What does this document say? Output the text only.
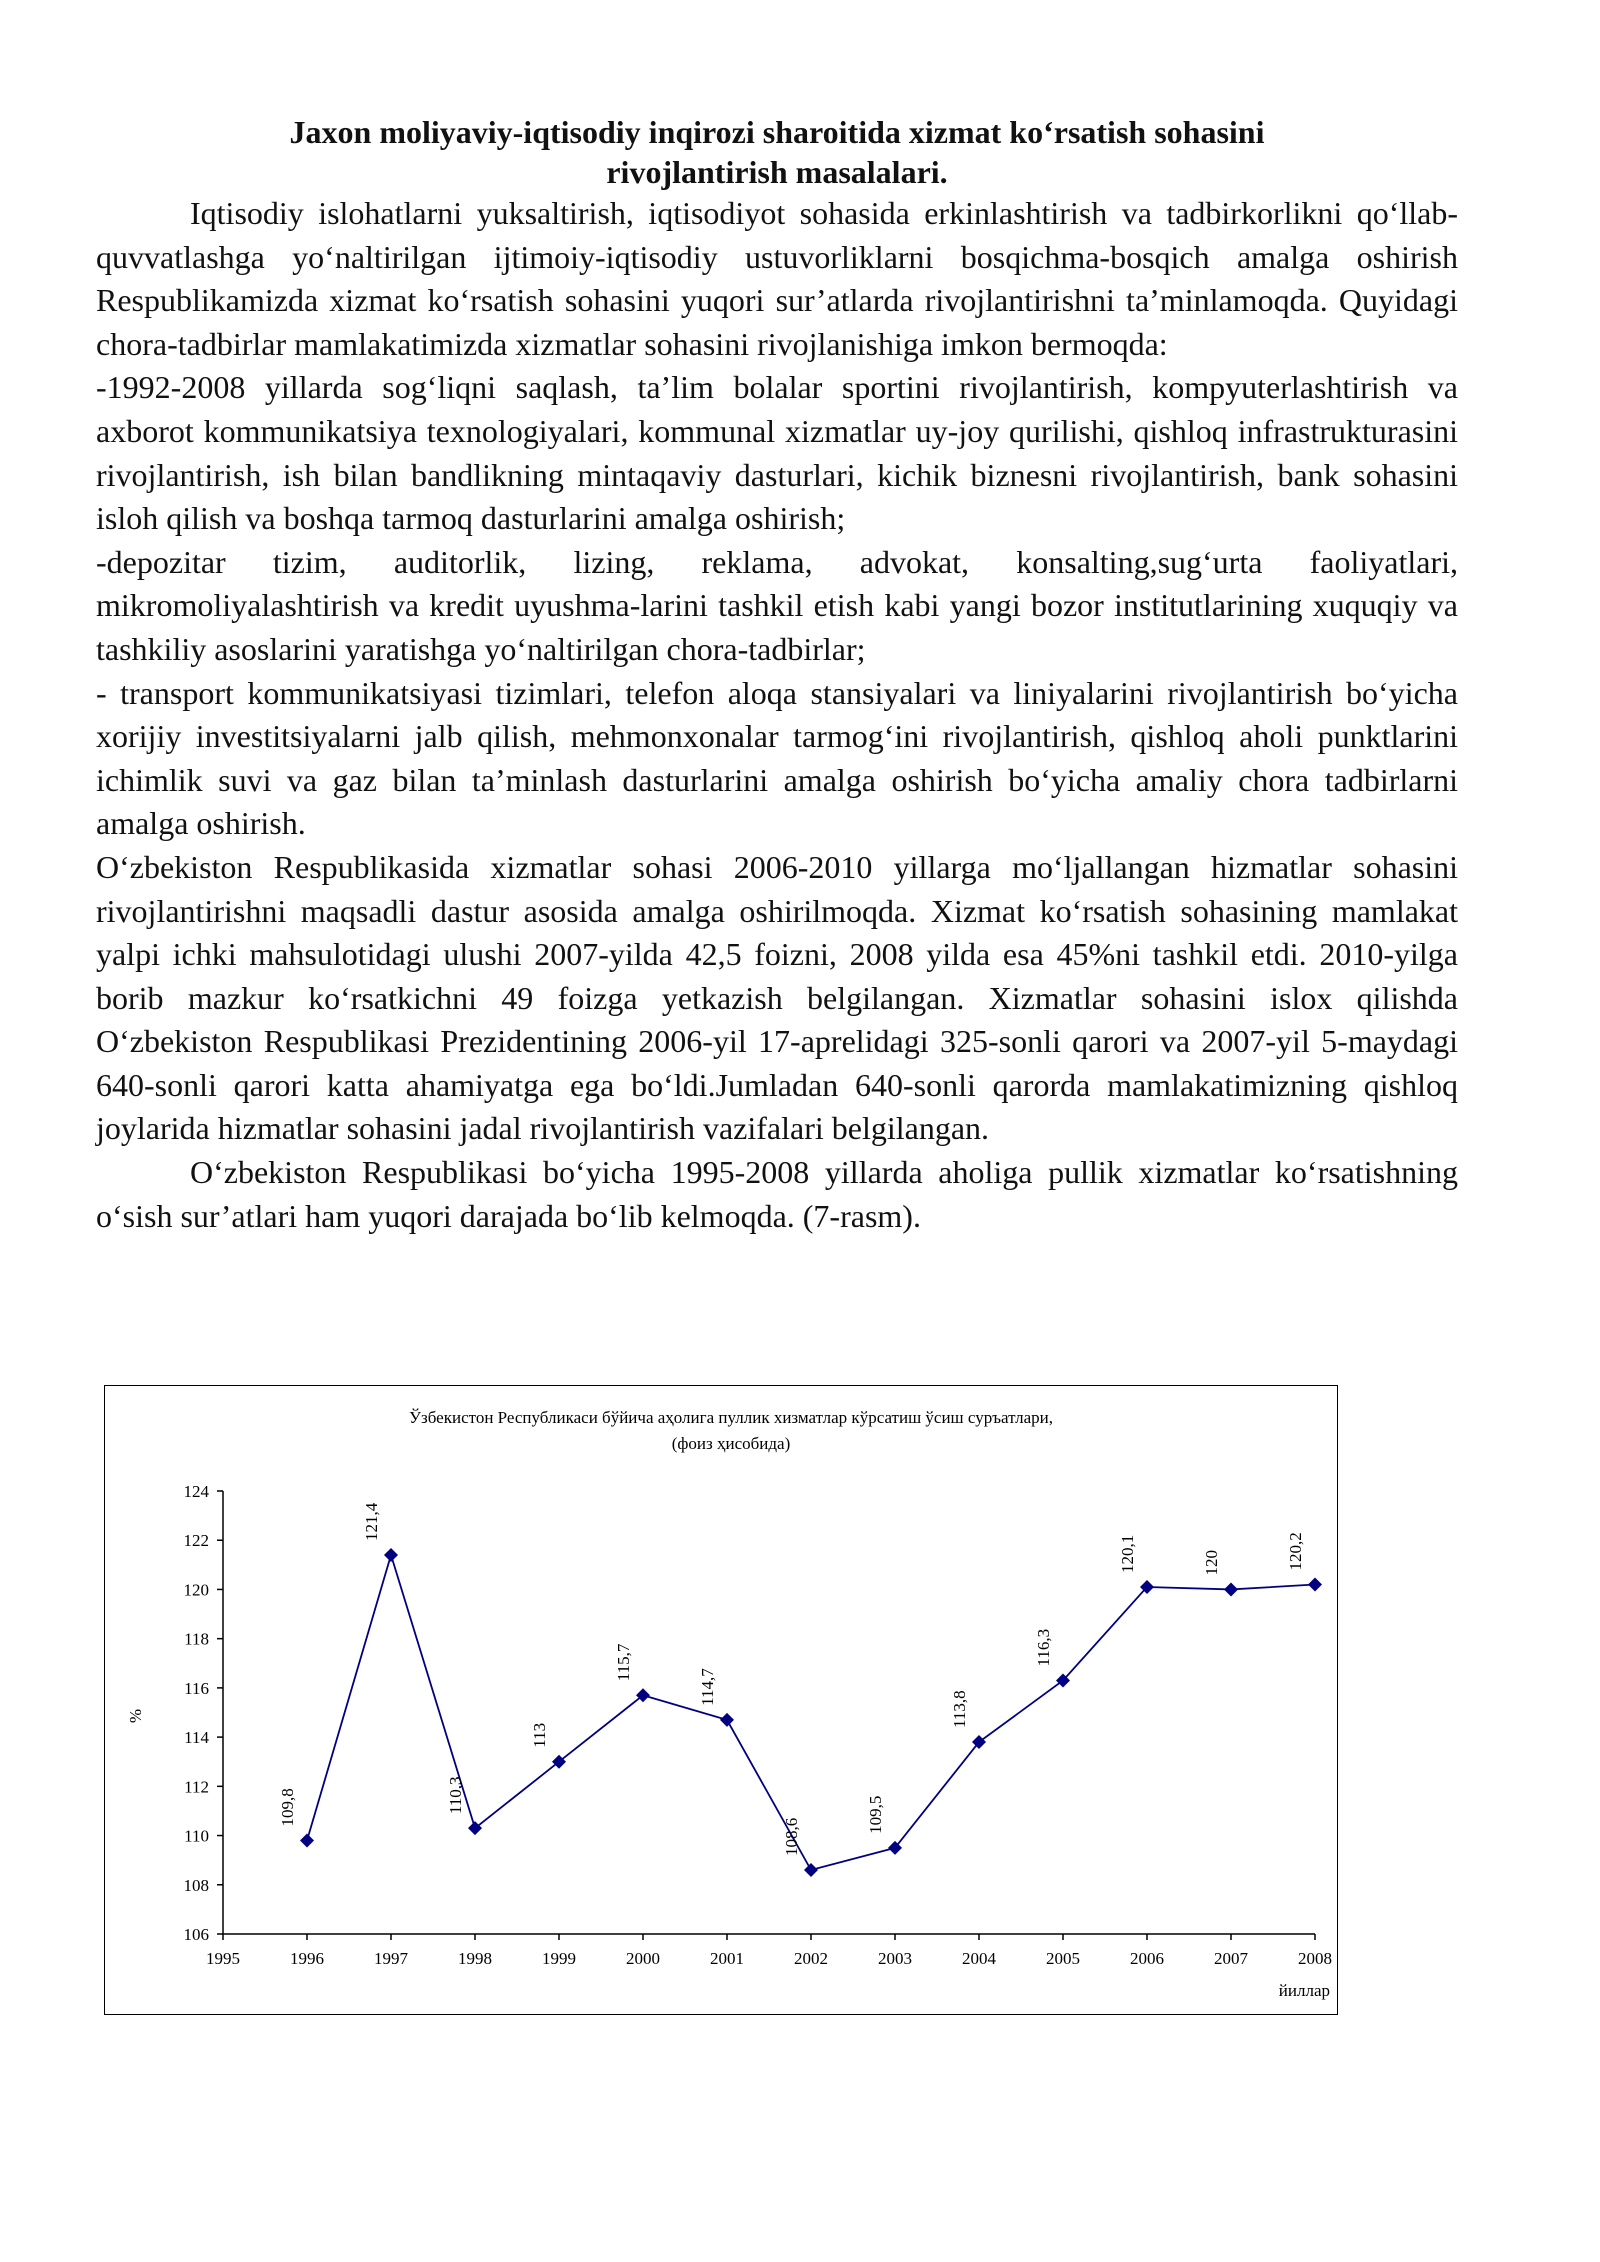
Jaxon moliyaviy-iqtisodiy inqirozi sharoitida xizmat ko‘rsatish sohasini

rivojlantirish masalalari.

Iqtisodiy islohatlarni yuksaltirish, iqtisodiyot sohasida erkinlashtirish va tadbirkorlikni qo‘llab-quvvatlashga yo‘naltirilgan ijtimoiy-iqtisodiy ustuvorliklarni bosqichma-bosqich amalga oshirish Respublikamizda xizmat ko‘rsatish sohasini yuqori sur’atlarda rivojlantirishni ta’minlamoqda. Quyidagi chora-tadbirlar mamlakatimizda xizmatlar sohasini rivojlanishiga imkon bermoqda:

-1992-2008 yillarda sog‘liqni saqlash, ta’lim bolalar sportini rivojlantirish, kompyuterlashtirish va axborot kommunikatsiya texnologiyalari, kommunal xizmatlar uy-joy qurilishi, qishloq infrastrukturasini rivojlantirish, ish bilan bandlikning mintaqaviy dasturlari, kichik biznesni rivojlantirish, bank sohasini isloh qilish va boshqa tarmoq dasturlarini amalga oshirish;

-depozitar tizim, auditorlik, lizing, reklama, advokat, konsalting,sug‘urta faoliyatlari, mikromoliyalashtirish va kredit uyushma-larini tashkil etish kabi yangi bozor institutlarining xuquqiy va tashkiliy asoslarini yaratishga yo‘naltirilgan chora-tadbirlar;

- transport kommunikatsiyasi tizimlari, telefon aloqa stansiyalari va liniyalarini rivojlantirish bo‘yicha xorijiy investitsiyalarni jalb qilish, mehmonxonalar tarmog‘ini rivojlantirish, qishloq aholi punktlarini ichimlik suvi va gaz bilan ta’minlash dasturlarini amalga oshirish bo‘yicha amaliy chora tadbirlarni amalga oshirish.

O‘zbekiston Respublikasida xizmatlar sohasi 2006-2010 yillarga mo‘ljallangan hizmatlar sohasini rivojlantirishni maqsadli dastur asosida amalga oshirilmoqda. Xizmat ko‘rsatish sohasining mamlakat yalpi ichki mahsulotidagi ulushi 2007-yilda 42,5 foizni, 2008 yilda esa 45%ni tashkil etdi. 2010-yilga borib mazkur ko‘rsatkichni 49 foizga yetkazish belgilangan. Xizmatlar sohasini islox qilishda O‘zbekiston Respublikasi Prezidentining 2006-yil 17-aprelidagi 325-sonli qarori va 2007-yil 5-maydagi 640-sonli qarori katta ahamiyatga ega bo‘ldi.Jumladan 640-sonli qarorda mamlakatimizning qishloq joylarida hizmatlar sohasini jadal rivojlantirish vazifalari belgilangan.

O‘zbekiston Respublikasi bo‘yicha 1995-2008 yillarda aholiga pullik xizmatlar ko‘rsatishning o‘sish sur’atlari ham yuqori darajada bo‘lib kelmoqda. (7-rasm).

Ўзбекистон Республикаси бўйича аҳолига пуллик хизматлар кўрсатиш ўсиш суръатлари,
(фоиз ҳисобида)
%
йиллар
106
108
110
112
114
116
118
120
122
124
1995	1996	1997	1998	1999	2000	2001	2002	2003	2004	2005	2006	2007	2008
109,8
121,4
110,3
113
115,7
114,7
108,6
109,5
113,8
116,3
120,1	120	120,2
